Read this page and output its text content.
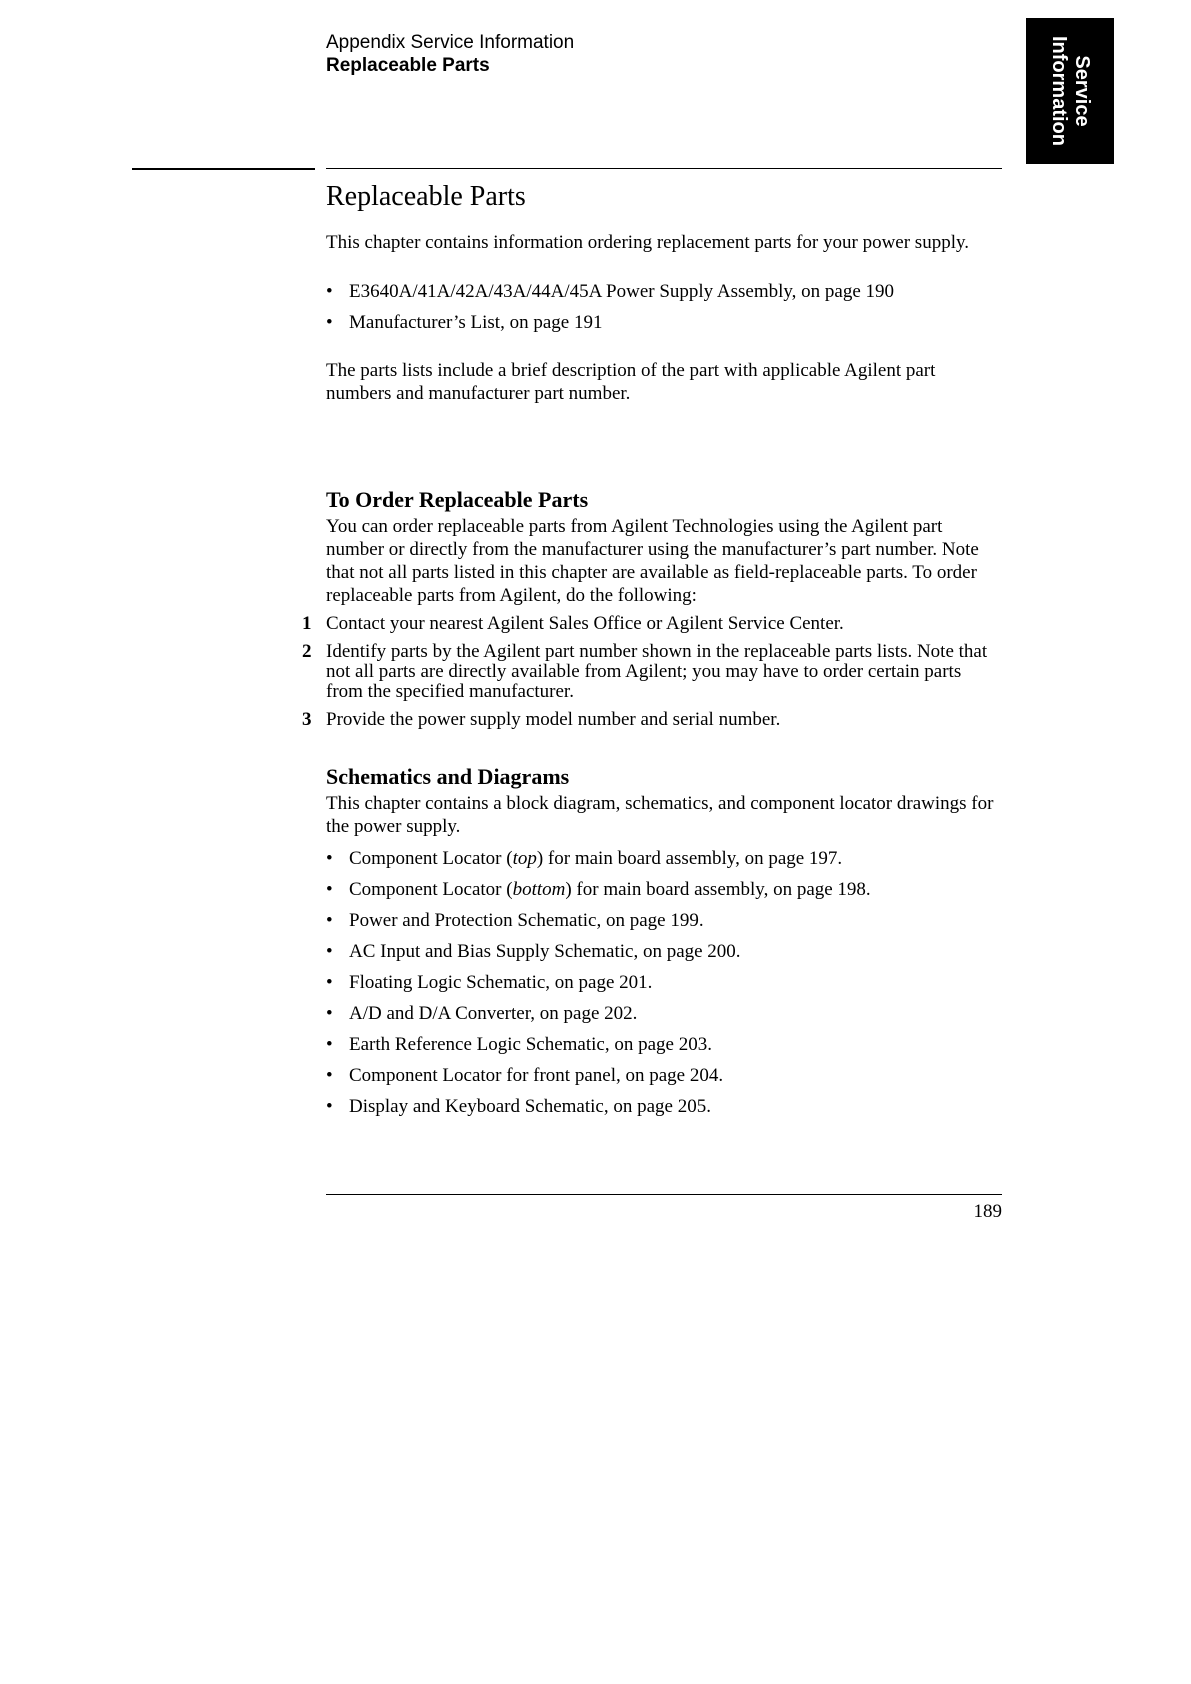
Appendix Service Information
Replaceable Parts	Service
Information
Replaceable Parts

This chapter contains information ordering replacement parts for your power supply.

• E3640A/41A/42A/43A/44A/45A Power Supply Assembly, on page 190
• Manufacturer’s List, on page 191

The parts lists include a brief description of the part with applicable Agilent part numbers and manufacturer part number.

To Order Replaceable Parts

You can order replaceable parts from Agilent Technologies using the Agilent part number or directly from the manufacturer using the manufacturer’s part number. Note that not all parts listed in this chapter are available as field-replaceable parts. To order replaceable parts from Agilent, do the following:

1 Contact your nearest Agilent Sales Office or Agilent Service Center.
2 Identify parts by the Agilent part number shown in the replaceable parts lists. Note that not all parts are directly available from Agilent; you may have to order certain parts from the specified manufacturer.
3 Provide the power supply model number and serial number.
Schematics and Diagrams

This chapter contains a block diagram, schematics, and component locator drawings for the power supply.

• Component Locator (top) for main board assembly, on page 197.
• Component Locator (bottom) for main board assembly, on page 198.
• Power and Protection Schematic, on page 199.
• AC Input and Bias Supply Schematic, on page 200.
• Floating Logic Schematic, on page 201.
• A/D and D/A Converter, on page 202.
• Earth Reference Logic Schematic, on page 203.
• Component Locator for front panel, on page 204.
• Display and Keyboard Schematic, on page 205.
189
